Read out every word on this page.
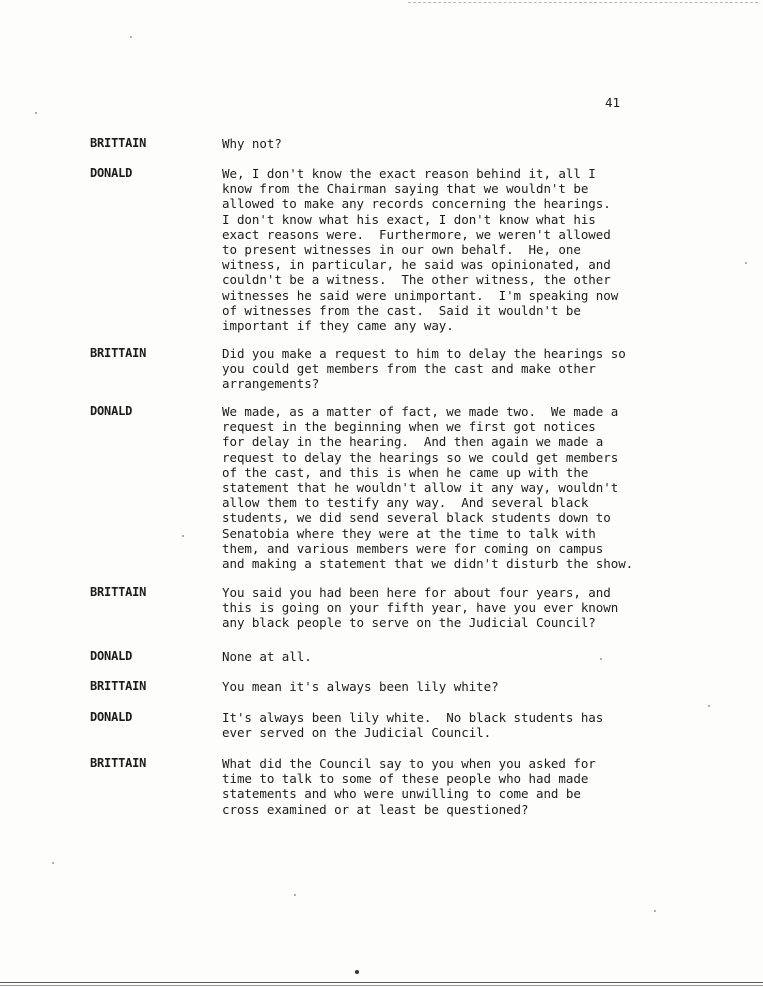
41
BRITTAIN	Why not?
DONALD	We, I don't know the exact reason behind it, all I
know from the Chairman saying that we wouldn't be
allowed to make any records concerning the hearings.
I don't know what his exact, I don't know what his
exact reasons were.  Furthermore, we weren't allowed
to present witnesses in our own behalf.  He, one
witness, in particular, he said was opinionated, and
couldn't be a witness.  The other witness, the other
witnesses he said were unimportant.  I'm speaking now
of witnesses from the cast.  Said it wouldn't be
important if they came any way.
BRITTAIN	Did you make a request to him to delay the hearings so
you could get members from the cast and make other
arrangements?
DONALD	We made, as a matter of fact, we made two.  We made a
request in the beginning when we first got notices
for delay in the hearing.  And then again we made a
request to delay the hearings so we could get members
of the cast, and this is when he came up with the
statement that he wouldn't allow it any way, wouldn't
allow them to testify any way.  And several black
students, we did send several black students down to
Senatobia where they were at the time to talk with
them, and various members were for coming on campus
and making a statement that we didn't disturb the show.
BRITTAIN	You said you had been here for about four years, and
this is going on your fifth year, have you ever known
any black people to serve on the Judicial Council?
DONALD	None at all.
BRITTAIN	You mean it's always been lily white?
DONALD	It's always been lily white.  No black students has
ever served on the Judicial Council.
BRITTAIN	What did the Council say to you when you asked for
time to talk to some of these people who had made
statements and who were unwilling to come and be
cross examined or at least be questioned?
